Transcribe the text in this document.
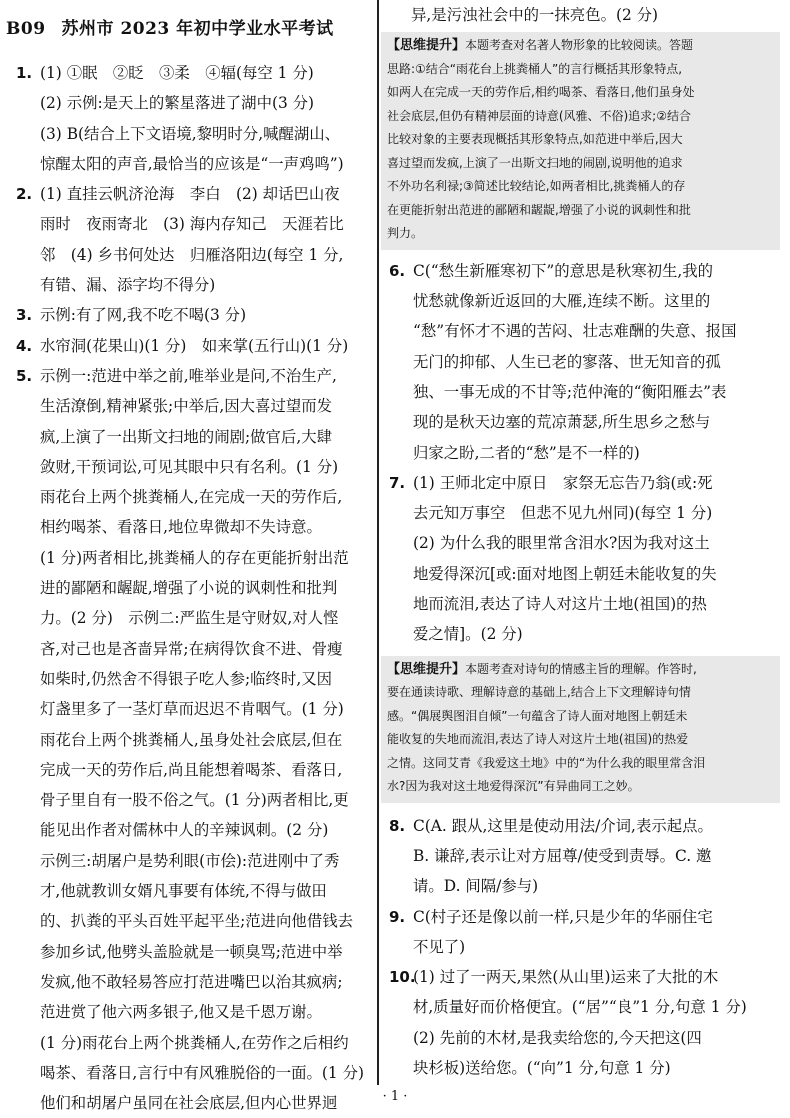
B09 苏州市 2023 年初中学业水平考试
1. (1) ①眠　②眨　③柔　④辐(每空 1 分)

(2) 示例:是天上的繁星落进了湖中(3 分)

(3) B(结合上下文语境,黎明时分,喊醒湖山、

惊醒太阳的声音,最恰当的应该是“一声鸡鸣”)

2. (1) 直挂云帆济沧海　李白　(2) 却话巴山夜

雨时　夜雨寄北　(3) 海内存知己　天涯若比

邻　(4) 乡书何处达　归雁洛阳边(每空 1 分,

有错、漏、添字均不得分)

3. 示例:有了网,我不吃不喝(3 分)

4. 水帘洞(花果山)(1 分)　如来掌(五行山)(1 分)

5. 示例一:范进中举之前,唯举业是问,不治生产,

生活潦倒,精神紧张;中举后,因大喜过望而发

疯,上演了一出斯文扫地的闹剧;做官后,大肆

敛财,干预词讼,可见其眼中只有名利。(1 分)

雨花台上两个挑粪桶人,在完成一天的劳作后,

相约喝茶、看落日,地位卑微却不失诗意。

(1 分)两者相比,挑粪桶人的存在更能折射出范

进的鄙陋和龌龊,增强了小说的讽刺性和批判

力。(2 分)　示例二:严监生是守财奴,对人悭

吝,对己也是吝啬异常;在病得饮食不进、骨瘦

如柴时,仍然舍不得银子吃人参;临终时,又因

灯盏里多了一茎灯草而迟迟不肯咽气。(1 分)

雨花台上两个挑粪桶人,虽身处社会底层,但在

完成一天的劳作后,尚且能想着喝茶、看落日,

骨子里自有一股不俗之气。(1 分)两者相比,更

能见出作者对儒林中人的辛辣讽刺。(2 分)

示例三:胡屠户是势利眼(市侩):范进刚中了秀

才,他就教训女婿凡事要有体统,不得与做田

的、扒粪的平头百姓平起平坐;范进向他借钱去

参加乡试,他劈头盖脸就是一顿臭骂;范进中举

发疯,他不敢轻易答应打范进嘴巴以治其疯病;

范进赏了他六两多银子,他又是千恩万谢。

(1 分)雨花台上两个挑粪桶人,在劳作之后相约

喝茶、看落日,言行中有风雅脱俗的一面。(1 分)

他们和胡屠户虽同在社会底层,但内心世界迥

异,是污浊社会中的一抹亮色。(2 分)
【思维提升】本题考查对名著人物形象的比较阅读。答题
思路:①结合“雨花台上挑粪桶人”的言行概括其形象特点,
如两人在完成一天的劳作后,相约喝茶、看落日,他们虽身处
社会底层,但仍有精神层面的诗意(风雅、不俗)追求;②结合
比较对象的主要表现概括其形象特点,如范进中举后,因大
喜过望而发疯,上演了一出斯文扫地的闹剧,说明他的追求
不外功名利禄;③简述比较结论,如两者相比,挑粪桶人的存
在更能折射出范进的鄙陋和龌龊,增强了小说的讽刺性和批
判力。
6. C(“愁生新雁寒初下”的意思是秋寒初生,我的

忧愁就像新近返回的大雁,连续不断。这里的

“愁”有怀才不遇的苦闷、壮志难酬的失意、报国

无门的抑郁、人生已老的寥落、世无知音的孤

独、一事无成的不甘等;范仲淹的“衡阳雁去”表

现的是秋天边塞的荒凉萧瑟,所生思乡之愁与

归家之盼,二者的“愁”是不一样的)

7. (1) 王师北定中原日　家祭无忘告乃翁(或:死

去元知万事空　但悲不见九州同)(每空 1 分)

(2) 为什么我的眼里常含泪水?因为我对这土

地爱得深沉[或:面对地图上朝廷未能收复的失

地而流泪,表达了诗人对这片土地(祖国)的热

爱之情]。(2 分)

【思维提升】本题考查对诗句的情感主旨的理解。作答时,
要在通读诗歌、理解诗意的基础上,结合上下文理解诗句情
感。“偶展舆图泪自倾”一句蕴含了诗人面对地图上朝廷未
能收复的失地而流泪,表达了诗人对这片土地(祖国)的热爱
之情。这同艾青《我爱这土地》中的“为什么我的眼里常含泪
水?因为我对这土地爱得深沉”有异曲同工之妙。
8. C(A. 跟从,这里是使动用法/介词,表示起点。

B. 谦辞,表示让对方屈尊/使受到责辱。C. 邀

请。D. 间隔/参与)

9. C(村子还是像以前一样,只是少年的华丽住宅

不见了)

10.

(1) 过了一两天,果然(从山里)运来了大批的木

材,质量好而价格便宜。(“居”“良”1 分,句意 1 分)

(2) 先前的木材,是我卖给您的,今天把这(四

块杉板)送给您。(“向”1 分,句意 1 分)

· 1 ·
